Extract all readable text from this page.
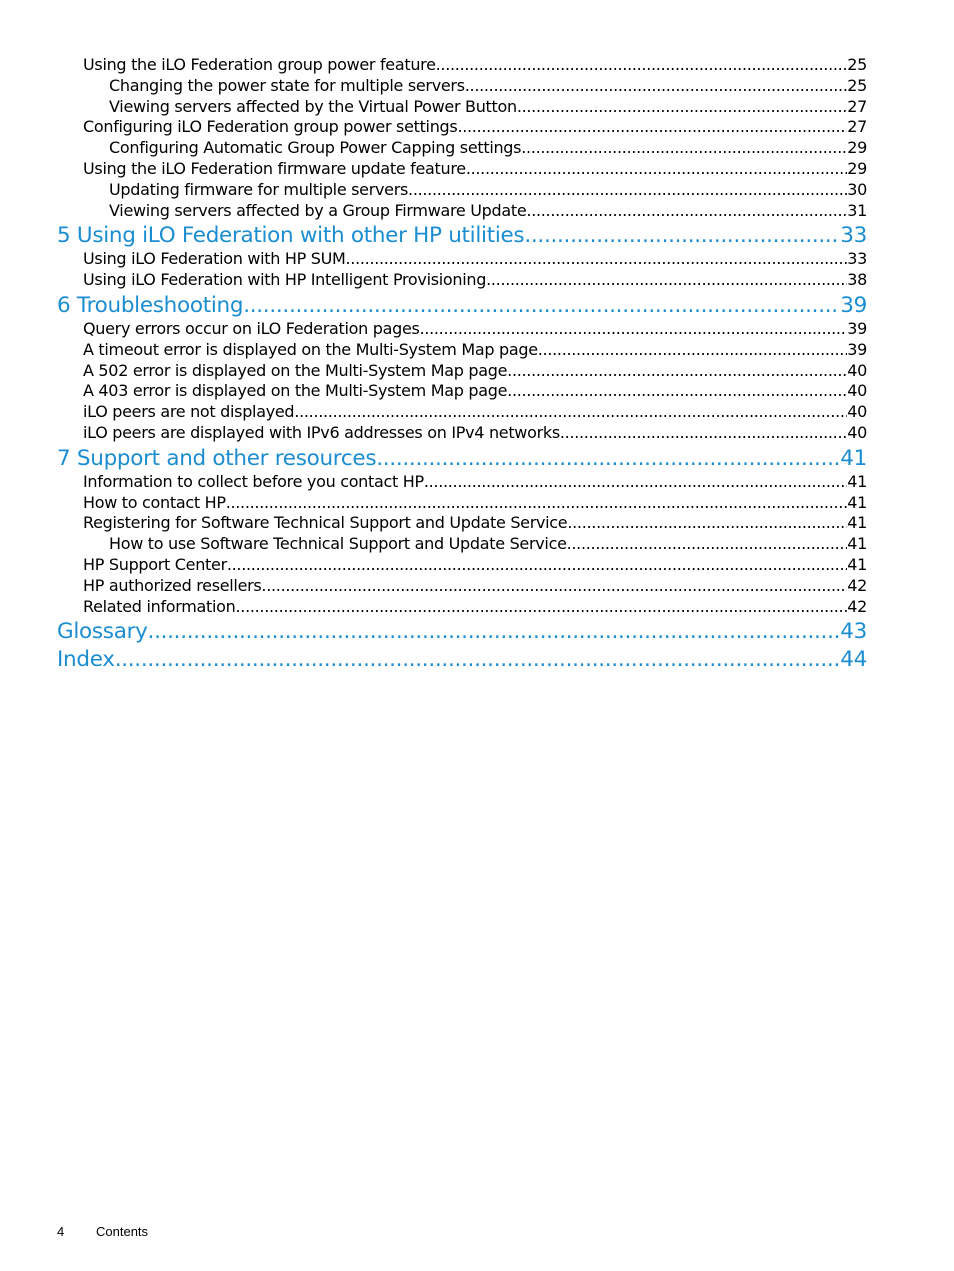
Using the iLO Federation group power feature .....	25
Changing the power state for multiple servers .....	25
Viewing servers affected by the Virtual Power Button .....	27
Configuring iLO Federation group power settings .....	27
Configuring Automatic Group Power Capping settings .....	29
Using the iLO Federation firmware update feature .....	29
Updating firmware for multiple servers .....	30
Viewing servers affected by a Group Firmware Update .....	31
5 Using iLO Federation with other HP utilities .....	33
Using iLO Federation with HP SUM .....	33
Using iLO Federation with HP Intelligent Provisioning .....	38
6 Troubleshooting .....	39
Query errors occur on iLO Federation pages .....	39
A timeout error is displayed on the Multi-System Map page .....	39
A 502 error is displayed on the Multi-System Map page .....	40
A 403 error is displayed on the Multi-System Map page .....	40
iLO peers are not displayed .....	40
iLO peers are displayed with IPv6 addresses on IPv4 networks .....	40
7 Support and other resources .....	41
Information to collect before you contact HP .....	41
How to contact HP .....	41
Registering for Software Technical Support and Update Service .....	41
How to use Software Technical Support and Update Service .....	41
HP Support Center .....	41
HP authorized resellers .....	42
Related information .....	42
Glossary .....	43
Index .....	44
4 Contents
